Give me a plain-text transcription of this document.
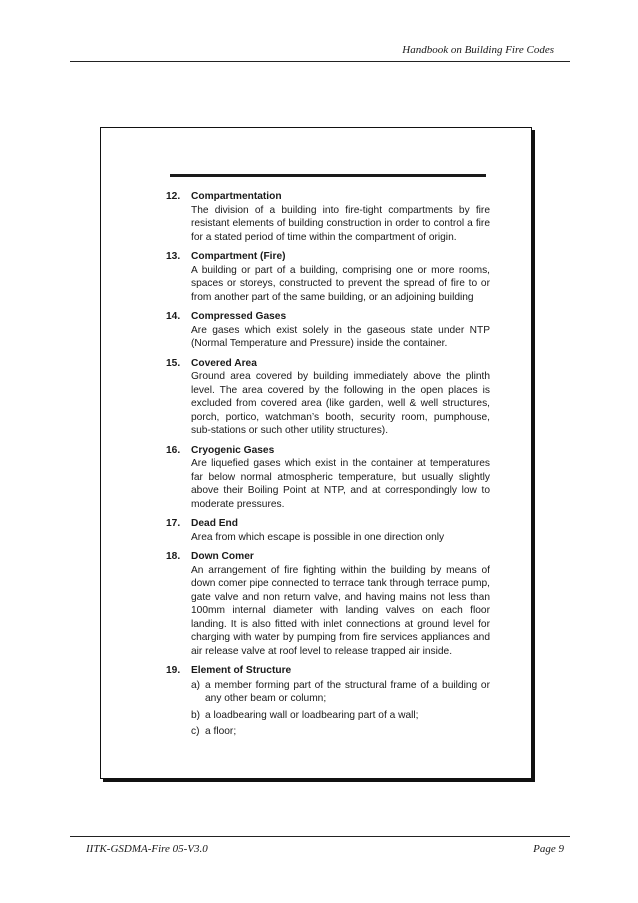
Handbook on Building Fire Codes
12. Compartmentation
The division of a building into fire-tight compartments by fire resistant elements of building construction in order to control a fire for a stated period of time within the compartment of origin.
13. Compartment (Fire)
A building or part of a building, comprising one or more rooms, spaces or storeys, constructed to prevent the spread of fire to or from another part of the same building, or an adjoining building
14. Compressed Gases
Are gases which exist solely in the gaseous state under NTP (Normal Temperature and Pressure) inside the container.
15. Covered Area
Ground area covered by building immediately above the plinth level. The area covered by the following in the open places is excluded from covered area (like garden, well & well structures, porch, portico, watchman’s booth, security room, pumphouse, sub-stations or such other utility structures).
16. Cryogenic Gases
Are liquefied gases which exist in the container at temperatures far below normal atmospheric temperature, but usually slightly above their Boiling Point at NTP, and at correspondingly low to moderate pressures.
17. Dead End
Area from which escape is possible in one direction only
18. Down Comer
An arrangement of fire fighting within the building by means of down comer pipe connected to terrace tank through terrace pump, gate valve and non return valve, and having mains not less than 100mm internal diameter with landing valves on each floor landing. It is also fitted with inlet connections at ground level for charging with water by pumping from fire services appliances and air release valve at roof level to release trapped air inside.
19. Element of Structure
a) a member forming part of the structural frame of a building or any other beam or column;
b) a loadbearing wall or loadbearing part of a wall;
c) a floor;
IITK-GSDMA-Fire 05-V3.0	Page 9
